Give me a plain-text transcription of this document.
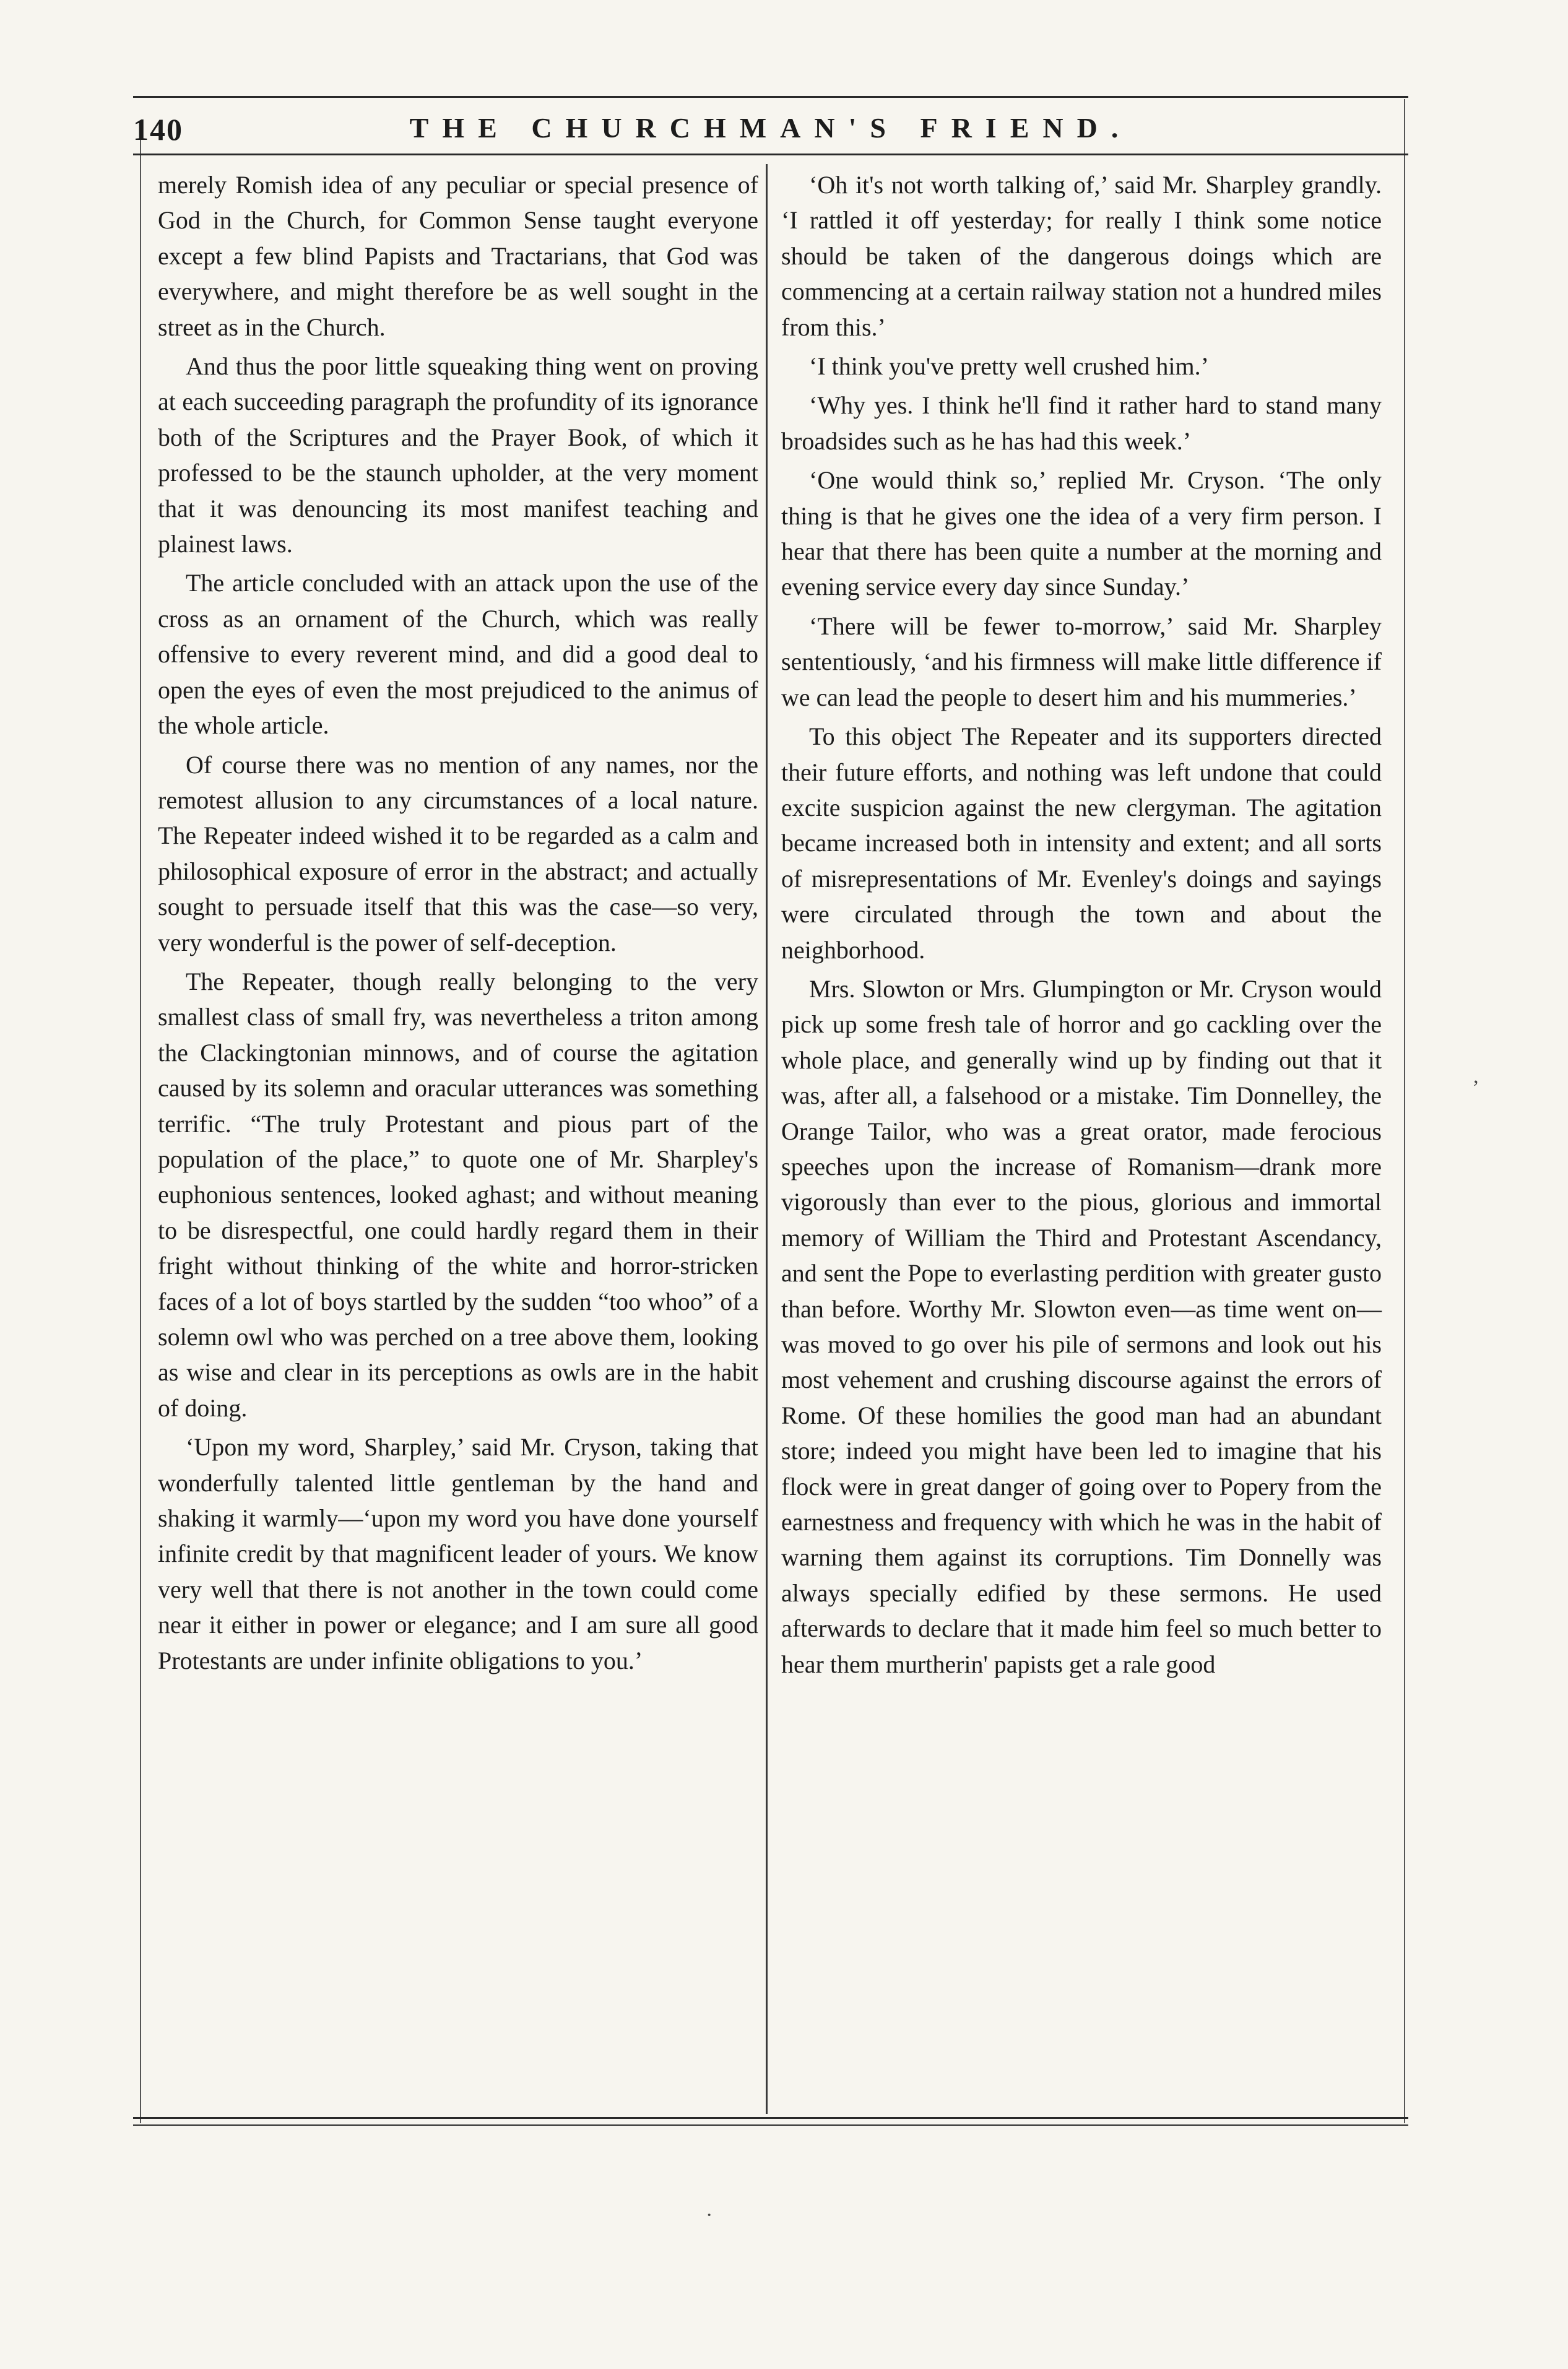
140	THE CHURCHMAN'S FRIEND.

merely Romish idea of any peculiar or special presence of God in the Church, for Common Sense taught everyone except a few blind Papists and Tractarians, that God was everywhere, and might therefore be as well sought in the street as in the Church.

And thus the poor little squeaking thing went on proving at each succeeding paragraph the profundity of its ignorance both of the Scriptures and the Prayer Book, of which it professed to be the staunch upholder, at the very moment that it was denouncing its most manifest teaching and plainest laws.

The article concluded with an attack upon the use of the cross as an ornament of the Church, which was really offensive to every reverent mind, and did a good deal to open the eyes of even the most prejudiced to the animus of the whole article.

Of course there was no mention of any names, nor the remotest allusion to any circumstances of a local nature. The Repeater indeed wished it to be regarded as a calm and philosophical exposure of error in the abstract; and actually sought to persuade itself that this was the case—so very, very wonderful is the power of self-deception.

The Repeater, though really belonging to the very smallest class of small fry, was nevertheless a triton among the Clackingtonian minnows, and of course the agitation caused by its solemn and oracular utterances was something terrific. “The truly Protestant and pious part of the population of the place,” to quote one of Mr. Sharpley's euphonious sentences, looked aghast; and without meaning to be disrespectful, one could hardly regard them in their fright without thinking of the white and horror-stricken faces of a lot of boys startled by the sudden “too whoo” of a solemn owl who was perched on a tree above them, looking as wise and clear in its perceptions as owls are in the habit of doing.

‘Upon my word, Sharpley,’ said Mr. Cryson, taking that wonderfully talented little gentleman by the hand and shaking it warmly—‘upon my word you have done yourself infinite credit by that magnificent leader of yours. We know very well that there is not another in the town could come near it either in power or elegance; and I am sure all good Protestants are under infinite obligations to you.’

‘Oh it's not worth talking of,’ said Mr. Sharpley grandly. ‘I rattled it off yesterday; for really I think some notice should be taken of the dangerous doings which are commencing at a certain railway station not a hundred miles from this.’

‘I think you've pretty well crushed him.’

‘Why yes. I think he'll find it rather hard to stand many broadsides such as he has had this week.’

‘One would think so,’ replied Mr. Cryson. ‘The only thing is that he gives one the idea of a very firm person. I hear that there has been quite a number at the morning and evening service every day since Sunday.’

‘There will be fewer to-morrow,’ said Mr. Sharpley sententiously, ‘and his firmness will make little difference if we can lead the people to desert him and his mummeries.’

To this object The Repeater and its supporters directed their future efforts, and nothing was left undone that could excite suspicion against the new clergyman. The agitation became increased both in intensity and extent; and all sorts of misrepresentations of Mr. Evenley's doings and sayings were circulated through the town and about the neighborhood.

Mrs. Slowton or Mrs. Glumpington or Mr. Cryson would pick up some fresh tale of horror and go cackling over the whole place, and generally wind up by finding out that it was, after all, a falsehood or a mistake. Tim Donnelley, the Orange Tailor, who was a great orator, made ferocious speeches upon the increase of Romanism—drank more vigorously than ever to the pious, glorious and immortal memory of William the Third and Protestant Ascendancy, and sent the Pope to everlasting perdition with greater gusto than before. Worthy Mr. Slowton even—as time went on—was moved to go over his pile of sermons and look out his most vehement and crushing discourse against the errors of Rome. Of these homilies the good man had an abundant store; indeed you might have been led to imagine that his flock were in great danger of going over to Popery from the earnestness and frequency with which he was in the habit of warning them against its corruptions. Tim Donnelly was always specially edified by these sermons. He used afterwards to declare that it made him feel so much better to hear them murtherin' papists get a rale good

,
·
